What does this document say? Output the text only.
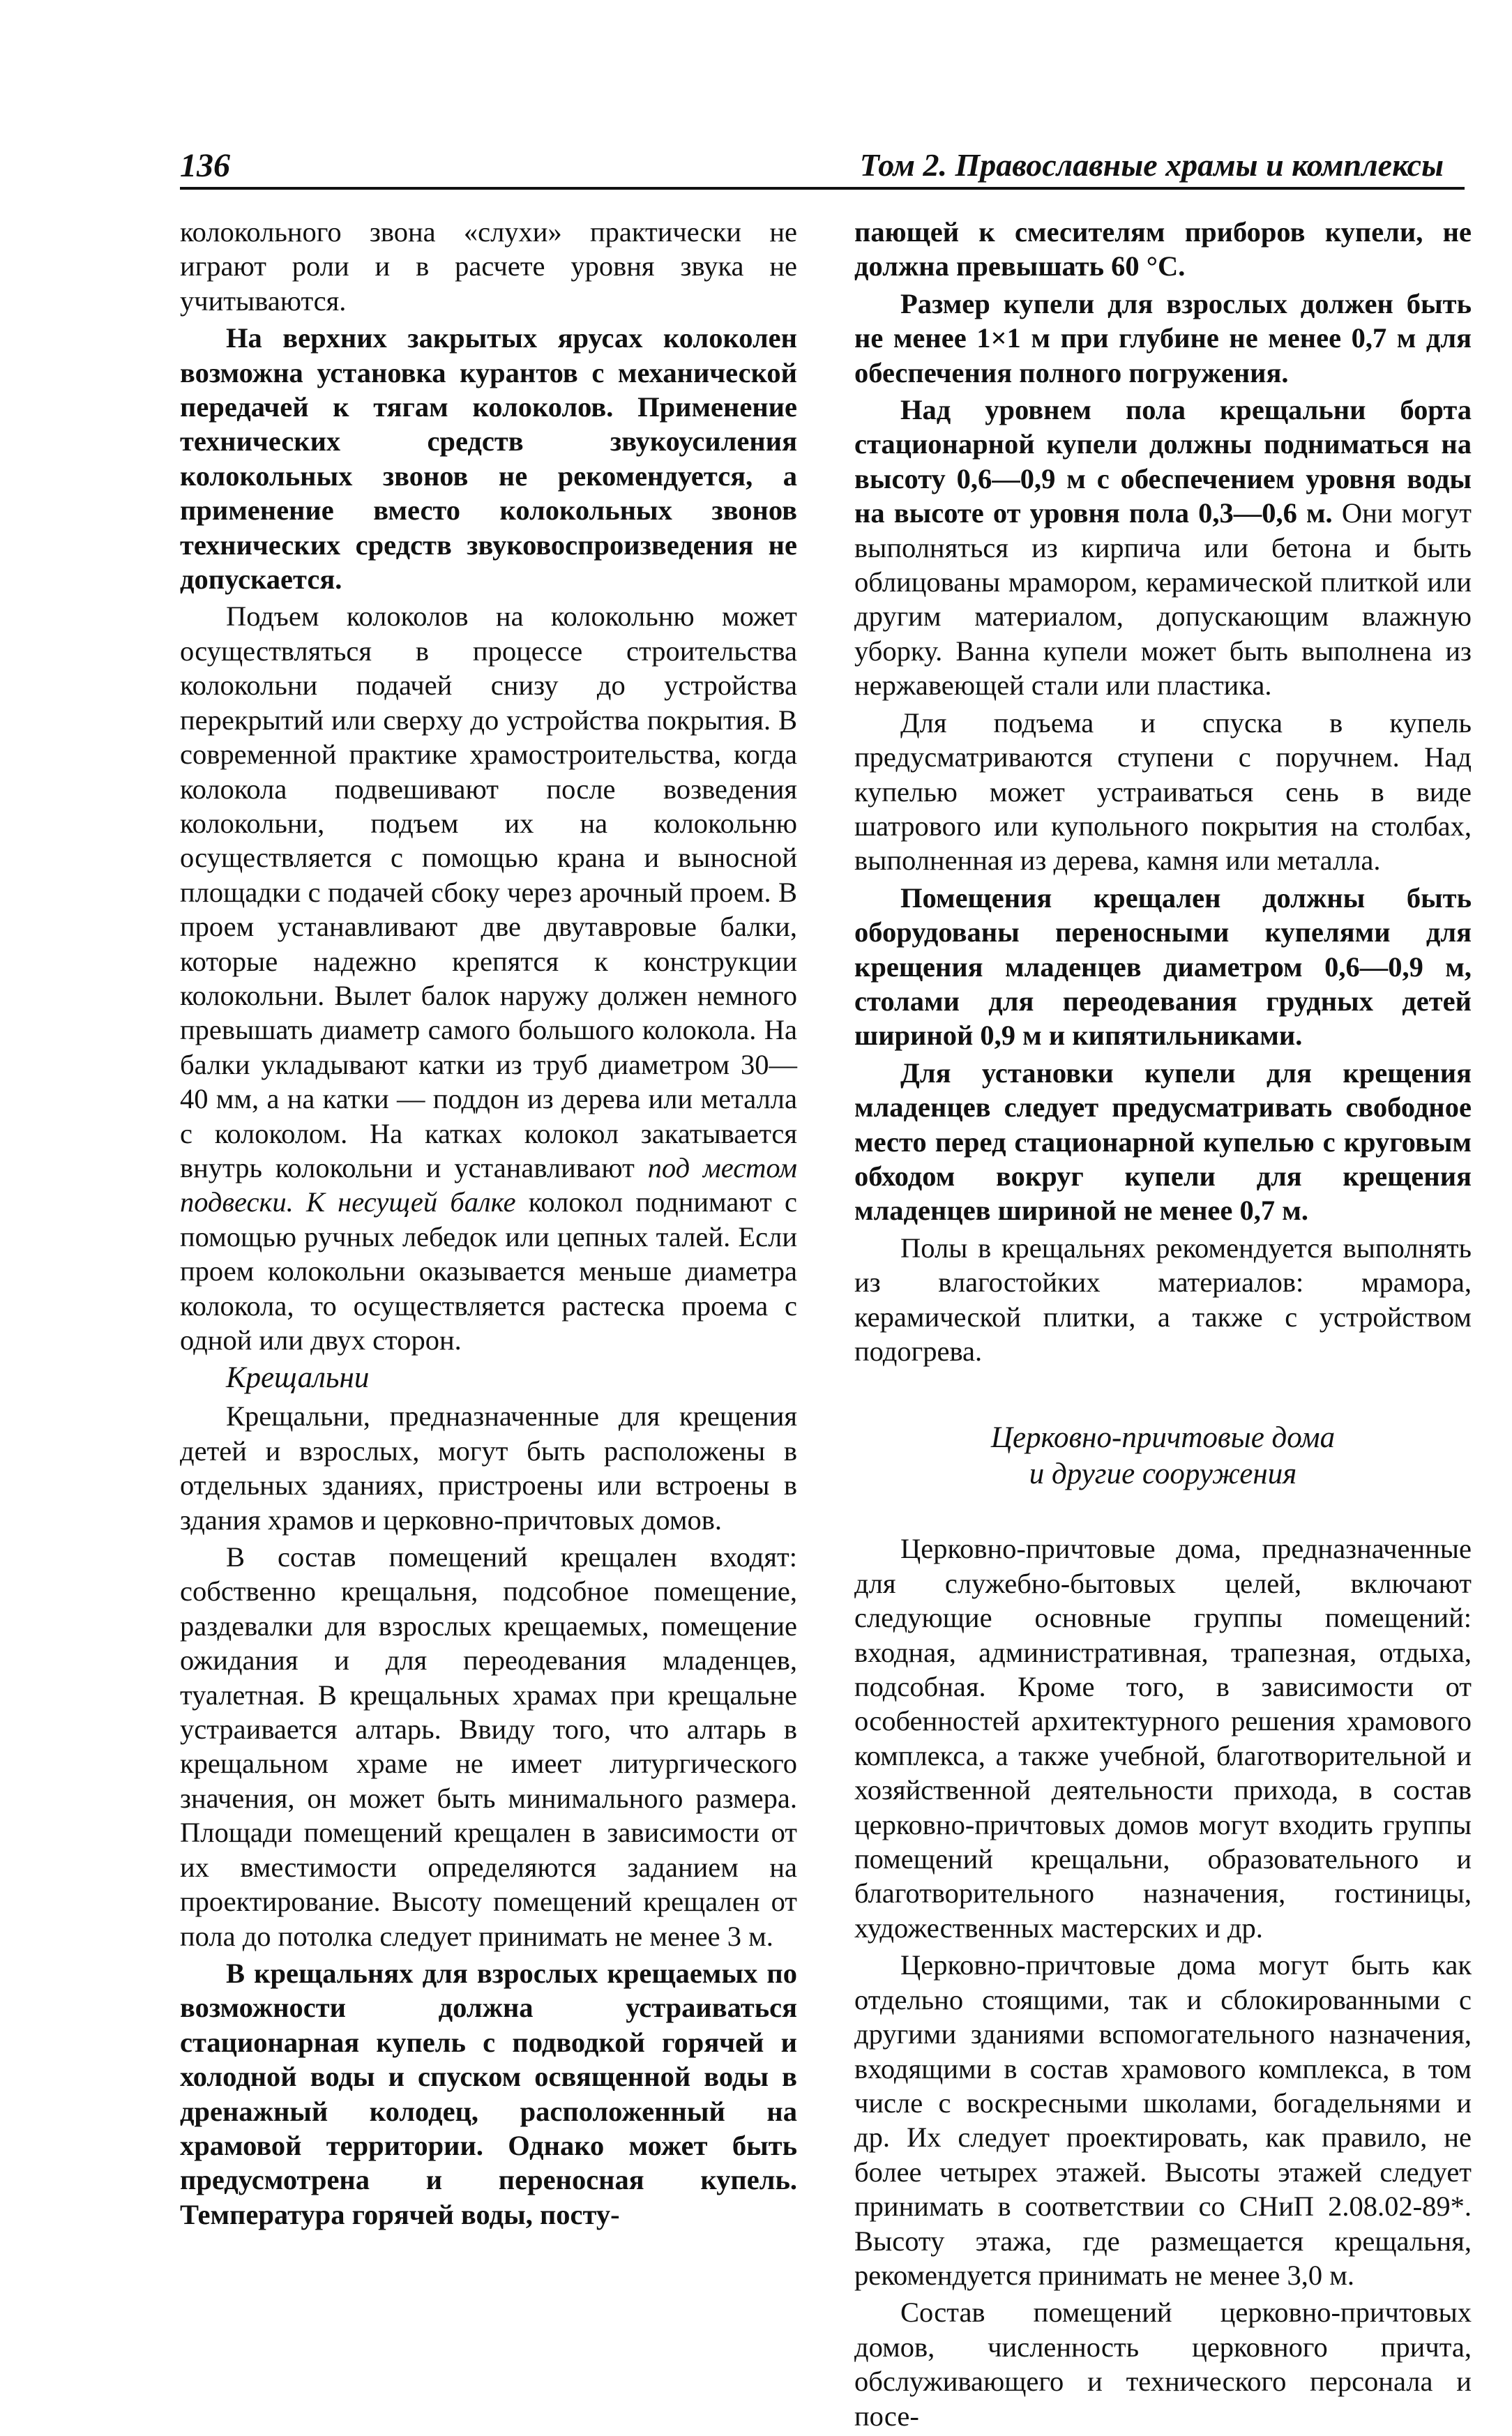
136	Том 2. Православные храмы и комплексы

колокольного звона «слухи» практически не играют роли и в расчете уровня звука не учитываются.

На верхних закрытых ярусах колоколен возможна установка курантов с механической передачей к тягам колоколов. Применение технических средств звукоусиления колокольных звонов не рекомендуется, а применение вместо колокольных звонов технических средств звуковоспроизведения не допускается.

Подъем колоколов на колокольню может осуществляться в процессе строительства колокольни подачей снизу до устройства перекрытий или сверху до устройства покрытия. В современной практике храмостроительства, когда колокола подвешивают после возведения колокольни, подъем их на колокольню осуществляется с помощью крана и выносной площадки с подачей сбоку через арочный проем. В проем устанавливают две двутавровые балки, которые надежно крепятся к конструкции колокольни. Вылет балок наружу должен немного превышать диаметр самого большого колокола. На балки укладывают катки из труб диаметром 30—40 мм, а на катки — поддон из дерева или металла с колоколом. На катках колокол закатывается внутрь колокольни и устанавливают под местом подвески. К несущей балке колокол поднимают с помощью ручных лебедок или цепных талей. Если проем колокольни оказывается меньше диаметра колокола, то осуществляется растеска проема с одной или двух сторон.

Крещальни

Крещальни, предназначенные для крещения детей и взрослых, могут быть расположены в отдельных зданиях, пристроены или встроены в здания храмов и церковно-причтовых домов.

В состав помещений крещален входят: собственно крещальня, подсобное помещение, раздевалки для взрослых крещаемых, помещение ожидания и для переодевания младенцев, туалетная. В крещальных храмах при крещальне устраивается алтарь. Ввиду того, что алтарь в крещальном храме не имеет литургического значения, он может быть минимального размера. Площади помещений крещален в зависимости от их вместимости определяются заданием на проектирование. Высоту помещений крещален от пола до потолка следует принимать не менее 3 м.

В крещальнях для взрослых крещаемых по возможности должна устраиваться стационарная купель с подводкой горячей и холодной воды и спуском освященной воды в дренажный колодец, расположенный на храмовой территории. Однако может быть предусмотрена и переносная купель. Температура горячей воды, посту-

пающей к смесителям приборов купели, не должна превышать 60 °С.

Размер купели для взрослых должен быть не менее 1×1 м при глубине не менее 0,7 м для обеспечения полного погружения.

Над уровнем пола крещальни борта стационарной купели должны подниматься на высоту 0,6—0,9 м с обеспечением уровня воды на высоте от уровня пола 0,3—0,6 м. Они могут выполняться из кирпича или бетона и быть облицованы мрамором, керамической плиткой или другим материалом, допускающим влажную уборку. Ванна купели может быть выполнена из нержавеющей стали или пластика.

Для подъема и спуска в купель предусматриваются ступени с поручнем. Над купелью может устраиваться сень в виде шатрового или купольного покрытия на столбах, выполненная из дерева, камня или металла.

Помещения крещален должны быть оборудованы переносными купелями для крещения младенцев диаметром 0,6—0,9 м, столами для переодевания грудных детей шириной 0,9 м и кипятильниками.

Для установки купели для крещения младенцев следует предусматривать свободное место перед стационарной купелью с круговым обходом вокруг купели для крещения младенцев шириной не менее 0,7 м.

Полы в крещальнях рекомендуется выполнять из влагостойких материалов: мрамора, керамической плитки, а также с устройством подогрева.

Церковно-причтовые дома
и другие сооружения

Церковно-причтовые дома, предназначенные для служебно-бытовых целей, включают следующие основные группы помещений: входная, административная, трапезная, отдыха, подсобная. Кроме того, в зависимости от особенностей архитектурного решения храмового комплекса, а также учебной, благотворительной и хозяйственной деятельности прихода, в состав церковно-причтовых домов могут входить группы помещений крещальни, образовательного и благотворительного назначения, гостиницы, художественных мастерских и др.

Церковно-причтовые дома могут быть как отдельно стоящими, так и сблокированными с другими зданиями вспомогательного назначения, входящими в состав храмового комплекса, в том числе с воскресными школами, богадельнями и др. Их следует проектировать, как правило, не более четырех этажей. Высоты этажей следует принимать в соответствии со СНиП 2.08.02-89*. Высоту этажа, где размещается крещальня, рекомендуется принимать не менее 3,0 м.

Состав помещений церковно-причтовых домов, численность церковного причта, обслуживающего и технического персонала и посе-
